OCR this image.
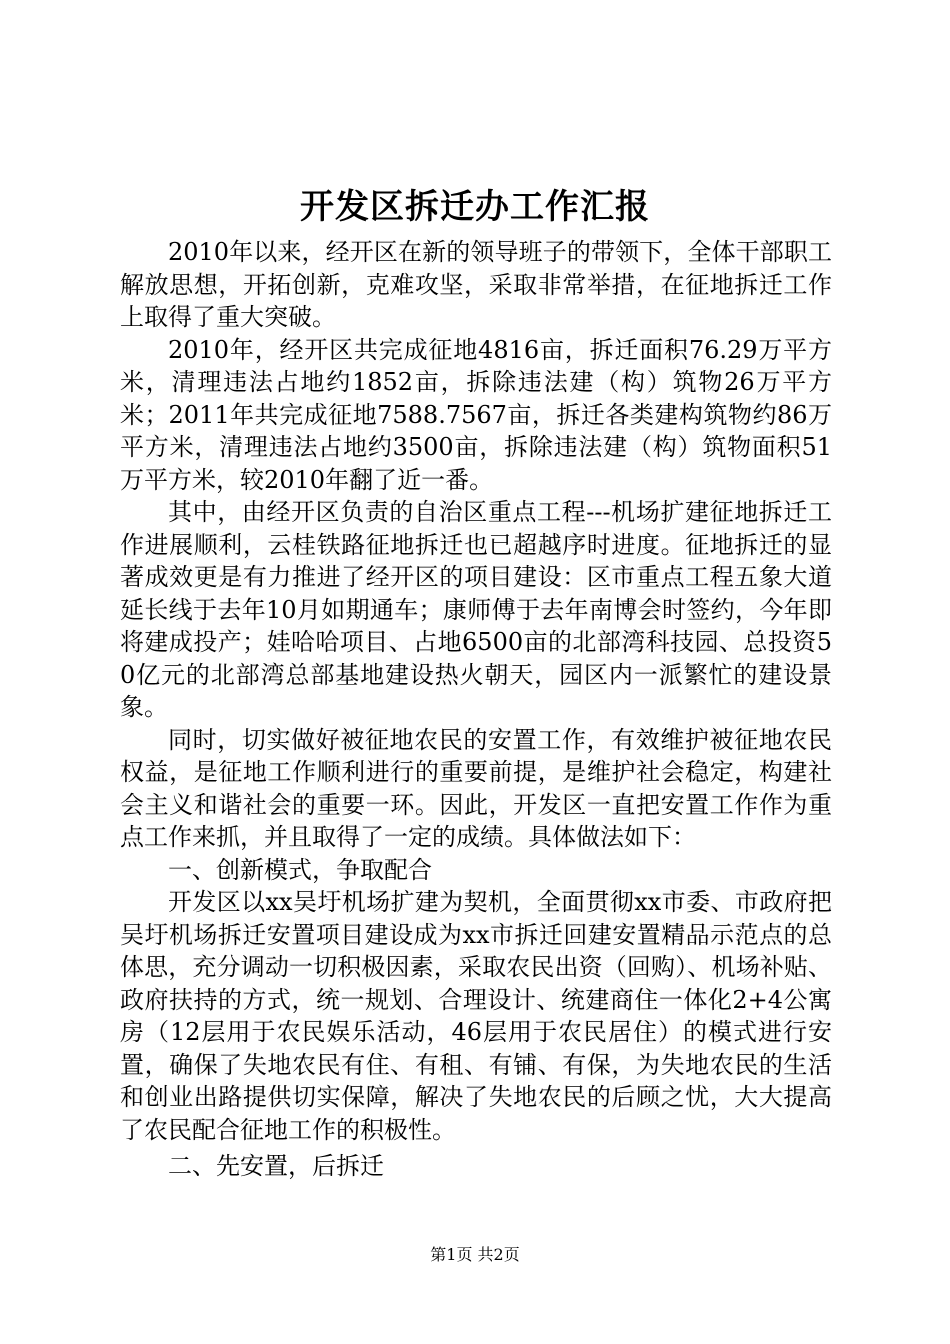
开发区拆迁办工作汇报

2010年以来，经开区在新的领导班子的带领下，全体干部职工解放思想，开拓创新，克难攻坚，采取非常举措，在征地拆迁工作上取得了重大突破。

2010年，经开区共完成征地4816亩，拆迁面积76.29万平方米，清理违法占地约1852亩，拆除违法建（构）筑物26万平方米；2011年共完成征地7588.7567亩，拆迁各类建构筑物约86万平方米，清理违法占地约3500亩，拆除违法建（构）筑物面积51万平方米，较2010年翻了近一番。

其中，由经开区负责的自治区重点工程---机场扩建征地拆迁工作进展顺利，云桂铁路征地拆迁也已超越序时进度。征地拆迁的显著成效更是有力推进了经开区的项目建设：区市重点工程五象大道延长线于去年10月如期通车；康师傅于去年南博会时签约，今年即将建成投产；娃哈哈项目、占地6500亩的北部湾科技园、总投资50亿元的北部湾总部基地建设热火朝天，园区内一派繁忙的建设景象。

同时，切实做好被征地农民的安置工作，有效维护被征地农民权益，是征地工作顺利进行的重要前提，是维护社会稳定，构建社会主义和谐社会的重要一环。因此，开发区一直把安置工作作为重点工作来抓，并且取得了一定的成绩。具体做法如下：

一、创新模式，争取配合

开发区以xx吴圩机场扩建为契机，全面贯彻xx市委、市政府把吴圩机场拆迁安置项目建设成为xx市拆迁回建安置精品示范点的总体思，充分调动一切积极因素，采取农民出资（回购）、机场补贴、政府扶持的方式，统一规划、合理设计、统建商住一体化2+4公寓房（12层用于农民娱乐活动，46层用于农民居住）的模式进行安置，确保了失地农民有住、有租、有铺、有保，为失地农民的生活和创业出路提供切实保障，解决了失地农民的后顾之忧，大大提高了农民配合征地工作的积极性。

二、先安置，后拆迁

第1页 共2页
